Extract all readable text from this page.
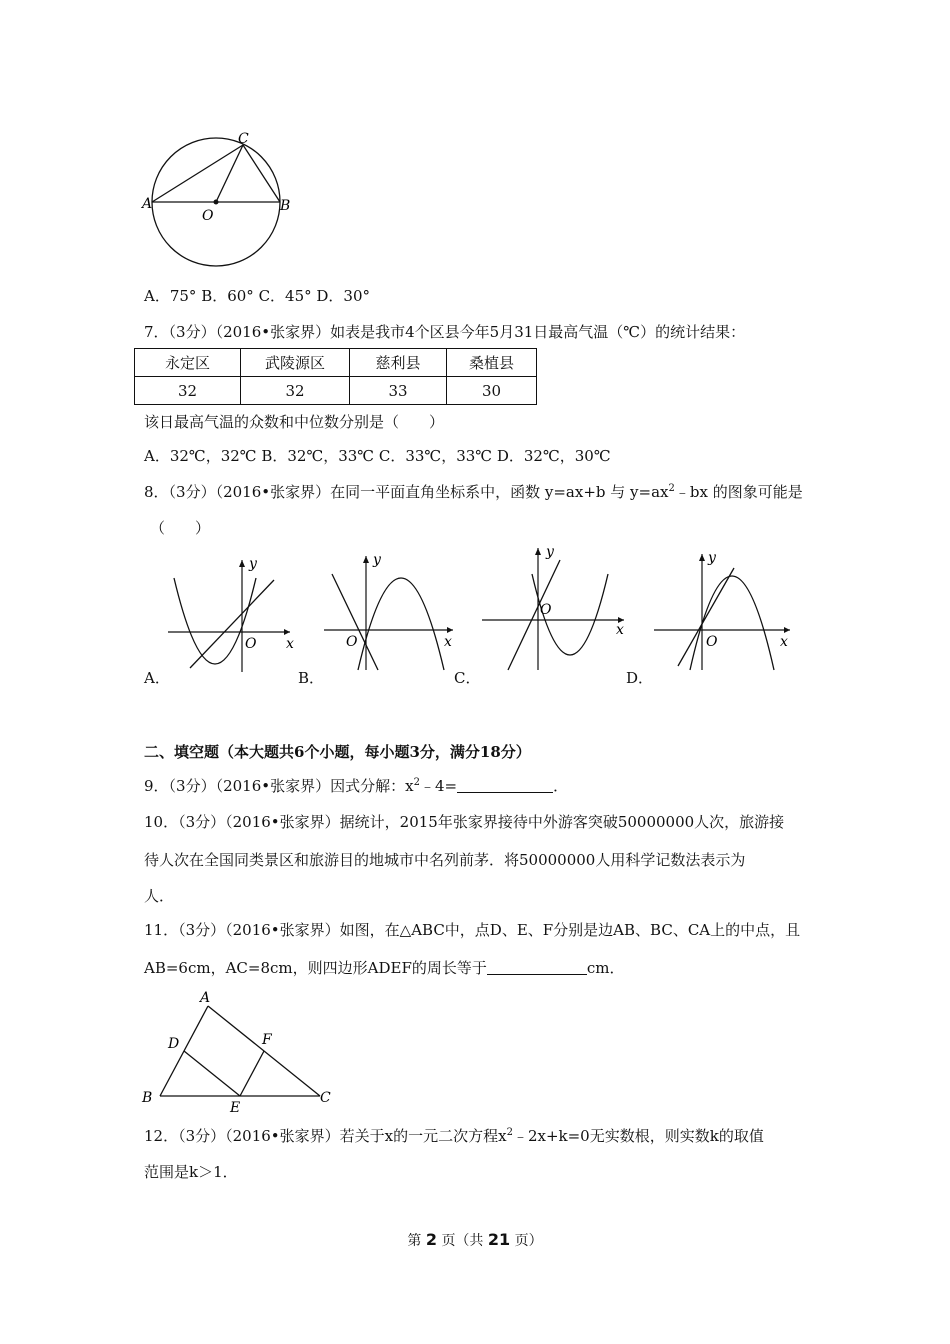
C
A	B
O
A．75° B．60° C．45° D．30°
7．（3分）（2016•张家界）如表是我市4个区县今年5月31日最高气温（℃）的统计结果：
永定区	武陵源区	慈利县	桑植县
32	32	33	30
该日最高气温的众数和中位数分别是（　　）
A．32℃，32℃ B．32℃，33℃ C．33℃，33℃ D．32℃，30℃
8．（3分）（2016•张家界）在同一平面直角坐标系中，函数 y=ax+b 与 $y=ax^2﹣bx$ 的图象可能是
（　　）
O x
y
A．
O	x
y
B．
O
x
y
C．
O	x
y
D．
二、填空题（本大题共6个小题，每小题3分，满分18分）
9．（3分）（2016•张家界）因式分解：$x^2﹣4=$	．
10．（3分）（2016•张家界）据统计，2015年张家界接待中外游客突破50000000人次，旅游接
待人次在全国同类景区和旅游目的地城市中名列前茅．将50000000人用科学记数法表示为
人．
11．（3分）（2016•张家界）如图，在△ABC中，点D、E、F分别是边AB、BC、CA上的中点，且
AB=6cm，AC=8cm，则四边形ADEF的周长等于	cm．
A
D	F
B
E
C
12．（3分）（2016•张家界）若关于x的一元二次方程$x^2﹣2x+k=0$无实数根，则实数k的取值
范围是k＞1．
第 2 页（共 21 页）
